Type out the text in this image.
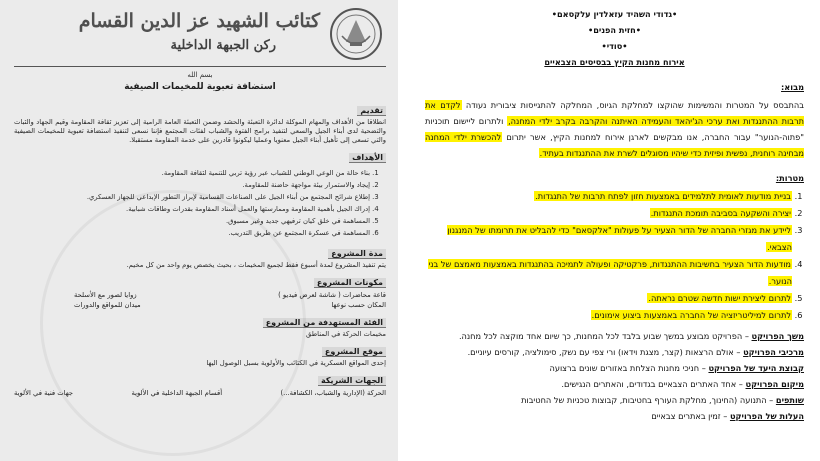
كتائب الشهيد عز الدين القسام
ركن الجبهة الداخلية
بسم الله
استضافة تعبوية للمخيمات الصيفية
تقديم
انطلاقا من الأهداف والمهام الموكلة لدائرة التعبئة والحشد وضمن التعبئة العامة الرامية إلى تعزيز ثقافة المقاومة وقيم الجهاد والثبات والتضحية لدى أبناء الجيل والسعي لتنفيذ برامج الفتوة والشباب لفئات المجتمع فإننا نسعى لتنفيذ استضافة تعبوية للمخيمات الصيفية والتي تسعى إلى تأهيل أبناء الجيل معنويا وعمليا ليكونوا قادرين على خدمة المقاومة مستقبلا.
الأهداف
1. بناء حالة من الوعي الوطني للشباب عبر رؤية تربي للتنمية لثقافة المقاومة.
2. إيجاد والاستمرار بيئة مواجهة حاضنة للمقاومة.
3. إطلاع شرائح المجتمع من أبناء الجيل على الصناعات القسامية لإبراز التطور الإبداعي للجهاز العسكري.
4. إدراك الجيل بأهمية المقاومة وممارستها والعمل أسناد المقاومة بقدرات وطاقات شبابية.
5. المساهمة في خلق كيان ترفيهي جديد وغير مسبوق.
6. المساهمة في عسكرة المجتمع عن طريق التدريب.
مدة المشروع
يتم تنفيذ المشروع لمدة أسبوع فقط لجميع المخيمات ، بحيث يخصص يوم واحد من كل مخيم.
مكونات المشروع
قاعة محاضرات ( شاشة لعرض فيديو )
زوايا لصور مع الأسلحة
المكان حسب نوعها
ميدان للمواقع والدورات
الفئة المستهدفة من المشروع
مخيمات الحركة في المناطق
موقع المشروع
إحدى المواقع العسكرية في الكتائب والأولوية بسبل الوصول اليها
الجهات الشريكة
الحركة (الإدارية والشباب، الكشافة...)
أقسام الجبهة الداخلية في الألوية
جهات فنية في الألوية
•גדודי השהיד עזאלדין עלקסאם•
•חזית הפנים•
•סודי•
אירוח מחנות הקיץ בבסיסים הצבאיים
מבוא:
בהתבסס על המטרות והמשימות שהוקצו למחלקת הגיוס, המחלקה להתגייסות ציבורית נעודה לקדם את תרבות ההתנגדות ואת ערכי הג'יהאד והעמידה האיתנה והקרבה בקרב ילדי המחנה, ולתרום ליישום תוכניות "פתוה-הנוער" עבור החברה, אנו מבקשים לארגן אירוח למחנות הקיץ, אשר יתרום להכשרת ילדי המחנה מבחינה רוחנית, נפשית ופיזית כדי שיהיו מסוגלים לשרת את ההתנגדות בעתיד.
מטרות:
1. בניית מודעות לאומית לתלמידים באמצעות חזון לפתח תרבות של התנגדות.
2. יצירה והשקעה בסביבה תומכת התנגדות.
3. ליידע את מגזרי החברה של הדור הצעיר על פעולות "אלקסאם" כדי להבליט את תרומתו של המנגנון הצבאי.
4. מודעות הדור הצעיר בחשיבות ההתנגדות, פרקטיקה ופעולה לתמיכה בהתנגדות באמצעות מאמצם של בני הנוער.
5. לתרום ליצירת ישות חדשה שטרם נראתה.
6. לתרום למיליטריזציה של החברה באמצעות ביצוע אימונים.
משך הפרויקט – הפרויקט מבוצע במשך שבוע בלבד לכל המחנות, כך שיום אחד מוקצה לכל מחנה.
מרכיבי הפרויקט – אולם הרצאות (קצר, מצגת וידאו) ורי צפי עם נשק, סימולציה, קורסים עיוניים.
קבוצת היעד של הפרויקט – חניכי מחנות הצלחת באזורים שונים ברצועה
מיקום הפרויקט – אחד האתרים הצבאיים בגדודים, והאתרים הנגישים.
שותפים – התנועה (החינוך, מחלקת העורף בחטיבות, קבוצות טכניות של החטיבות
העלות של הפרויקט – זמין באתרים צבאיים
